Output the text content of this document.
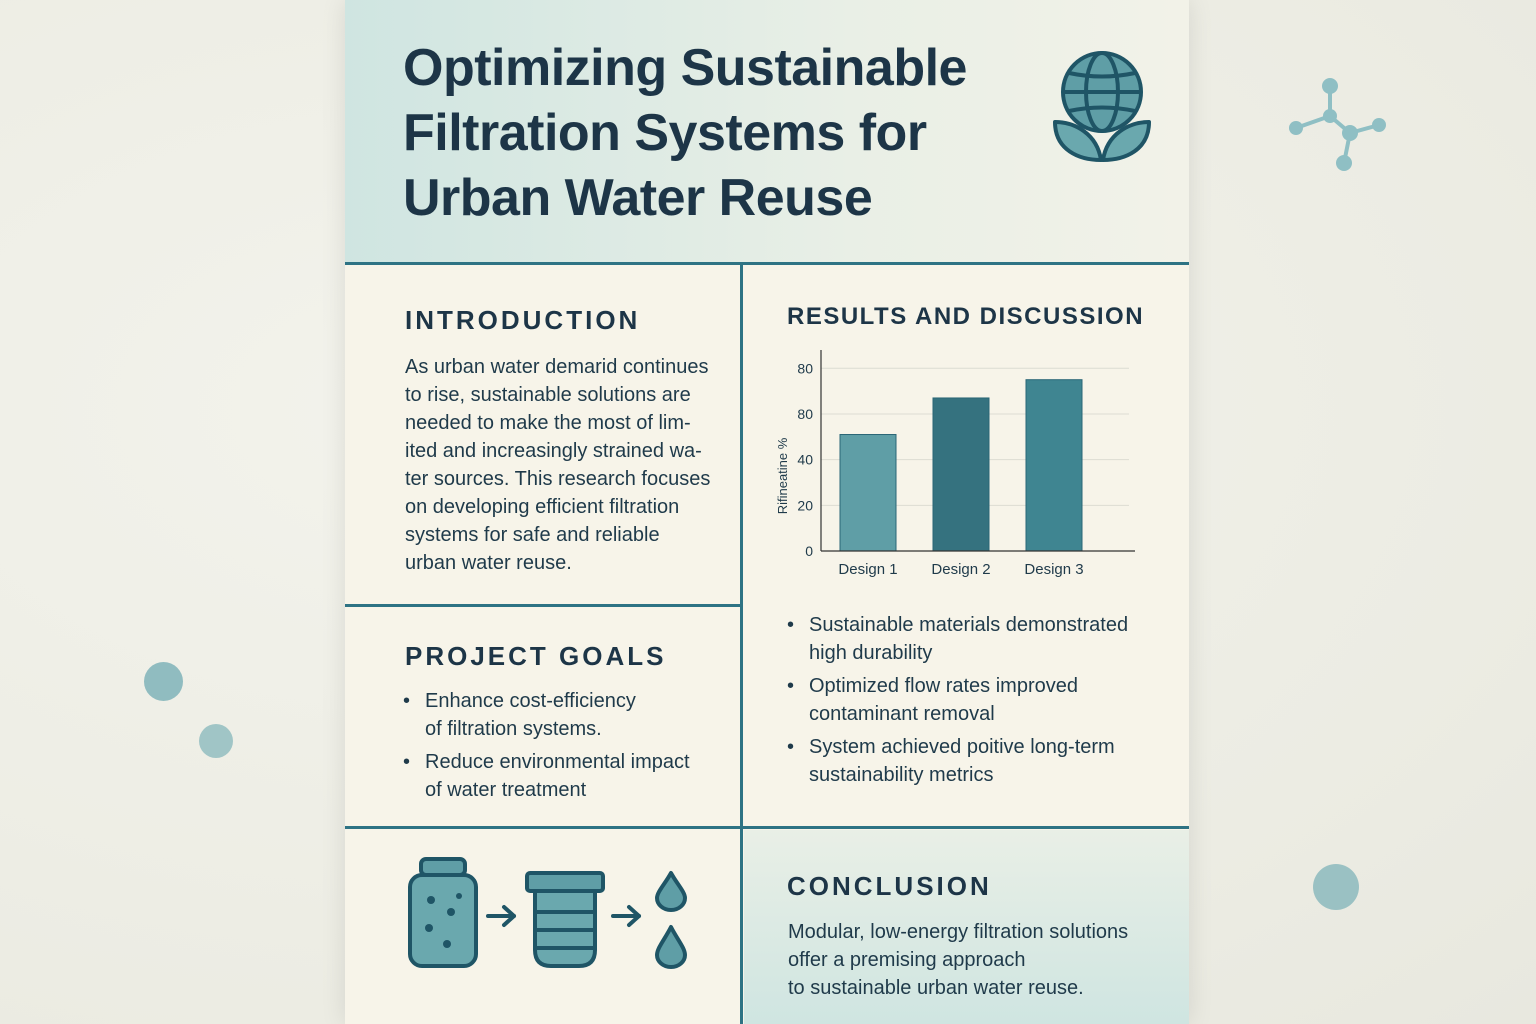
Optimizing Sustainable
Filtration Systems for
Urban Water Reuse
INTRODUCTION
As urban water demarid continues
to rise, sustainable solutions are
needed to make the most of lim-
ited and increasingly strained wa-
ter sources. This research focuses
on developing efficient filtration
systems for safe and reliable
urban water reuse.
PROJECT GOALS
• Enhance cost-efficiency
of filtration systems.
• Reduce environmental impact
of water treatment
RESULTS AND DISCUSSION
0
20
40
80
80
Design 1 Design 2 Design 3
Rifineatine %
• Sustainable materials demonstrated
high durability
• Optimized flow rates improved
contaminant removal
• System achieved poitive long-term
sustainability metrics
CONCLUSION
Modular, low-energy filtration solutions
offer a premising approach
to sustainable urban water reuse.
